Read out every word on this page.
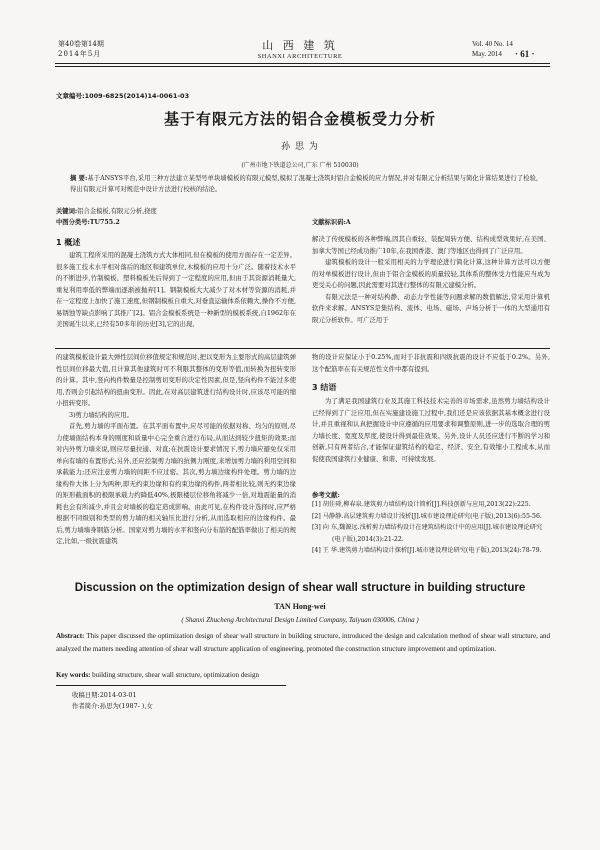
第40卷第14期
2014年5月
山 西 建 筑
SHANXI ARCHITECTURE
Vol. 40 No. 14
May. 2014 · 61 ·
文章编号:1009-6825(2014)14-0061-03
基于有限元方法的铝合金模板受力分析
孙 思 为
(广州市地下铁道总公司,广东 广州 510030)
摘 要:基于ANSYS平台,采用三种方法建立某型号单块墙模板的有限元模型,模拟了混凝土浇筑时铝合金模板的应力情况,并对有限元分析结果与简化计算结果进行了检验,得出有限元计算可对规范中设计方法进行校核的结论。
关键词:铝合金模板,有限元分析,挠度
中图分类号:TU755.2	文献标识码:A
1 概述
建筑工程所采用的混凝土浇筑方式大体相同,但在模板的使用方面存在一定差异。很多施工技术水平相对落后的地区和建筑单位,木模板的应用十分广泛。随着技术水平的不断进步,竹制模板、塑料模板先后得到了一定程度的应用,但由于其资源消耗量大,重复利用率低的弊端而逐渐被抛弃[1]。钢制模板大大减少了对木材等资源的消耗,并在一定程度上加快了施工速度,但钢制模板自重大,对垂直运输体系依赖大,操作不方便,易锈蚀等缺点影响了其推广[2]。铝合金模板系统是一种新型的模板系统,自1962年在美国诞生以来,已经有50多年的历史[3],它的出现,

解决了传统模板的各种弊端,因其自重轻、装配周转方便、结构成型效果好,在美国、加拿大等国已经成功推广10年,在我国香港、澳门等地区也得到了广泛应用。

建筑模板的设计一般采用相关的力学理论进行简化计算,这种计算方法可以方便的对单模板进行设计,但由于铝合金模板的质量较轻,其体系的整体受力性能应当成为更受关心的问题,因此需要对其进行整体的有限元建模分析。

有限元法是一种对结构静、动态力学性能等问题求解的数值解法,常采用计算机软件来求解。ANSYS是集结构、流体、电场、磁场、声场分析于一体的大型通用有限元分析软件。可广泛用于

的建筑模板设计最大弹性层间位移值规定和规范时,把以变形为主要形式的高层建筑弹性层间位移最大值,且计算其他建筑时可不利限其整体的变形等值,而转换为扭转变形的计算。其中,竖向构件数量是控制剪切变形的决定性因素,但是,竖向构件不能过多使用,否则会引起结构的扭曲变形。因此,在对高层建筑进行结构设计时,应该尽可能的缩小扭转变形。

3)剪力墙结构的应用。

首先,剪力墙的平面布置。在其平面布置中,应尽可能的依据对称、均匀的原则,尽力使墙面结构本身的刚度和质量中心完全重合进行布局,从而达到较少扭矩的效果;而对内外剪力墙来说,则应尽量拉通、对直;在抗震设计要求情况下,剪力墙应避免仅采用单向有墙的布置形式;另外,还应控制剪力墙的抗侧力刚度,来增加剪力墙的利用空间和承载能力;还应注意剪力墙的间距不应过密。其次,剪力墙边缘构件处理。剪力墙的边缘构件大体上分为两种,即无约束边缘和有约束边缘的构件,两者相比较,则无约束边缘的矩形截面积的极限承载力约降低40%,极限楼层位移角将减少一倍,对地震能量的消耗也会有所减少,并且会对墙板的稳定造成影响。由此可见,在构件设计选择时,应严格根据不同级别和类型的剪力墙的相关轴压比进行分析,从而选取相应的边缘构件。最后,剪力墙墙身钢筋分析。国家对剪力墙的水平和竖向分布筋的配筋率做出了相关的规定,比如,一级抗震建筑

物的设计应保证小于0.25%,而对于非抗震和四级抗震的设计不应低于0.2%。另外,这个配筋率在有关规范性文件中都有提到。

3 结语

为了满足我国建筑行业及其施工科技技术完善的市场需求,虽然剪力墙结构设计已经得到了广泛应用,但在实施建设施工过程中,我们还是应该依据其基本概念进行设计,并且重视和认真把握设计中应遵循的应用要求和调整原则,进一步的选取合理的剪力墙长度、宽度及厚度,使设计得到最佳效果。另外,设计人员还应进行不断的学习和创新,只有两者结合,才能保证建筑结构的稳定、经济、安全,有效缩小工程成本,从而促使我国建筑行业健康、和谐、可持续发展。

参考文献:
[1] 胡佳舜,柳春泉.建筑剪力墙结构设计简析[J].科技创新与应用,2013(22):225.
[2] 马静静.高层建筑剪力墙设计浅析[J].城市建设理论研究(电子版),2013(6):55-56.
[3] 向 东,魏源远.浅析剪力墙结构设计在建筑结构设计中的应用[J].城市建设理论研究(电子版),2014(3):21-22.
[4] 王 华.建筑剪力墙结构设计探析[J].城市建设理论研究(电子版),2013(24):78-79.
Discussion on the optimization design of shear wall structure in building structure
TAN Hong-wei
( Shanxi Zhucheng Architectural Design Limited Company, Taiyuan 030006, China )
Abstract: This paper discussed the optimization design of shear wall structure in building structure, introduced the design and calculation method of shear wall structure, and analyzed the matters needing attention of shear wall structure application of engineering, promoted the construction structure improvement and optimization.
Key words: building structure, shear wall structure, optimization design
收稿日期:2014-03-01
作者简介:孙思为(1987- ),女
